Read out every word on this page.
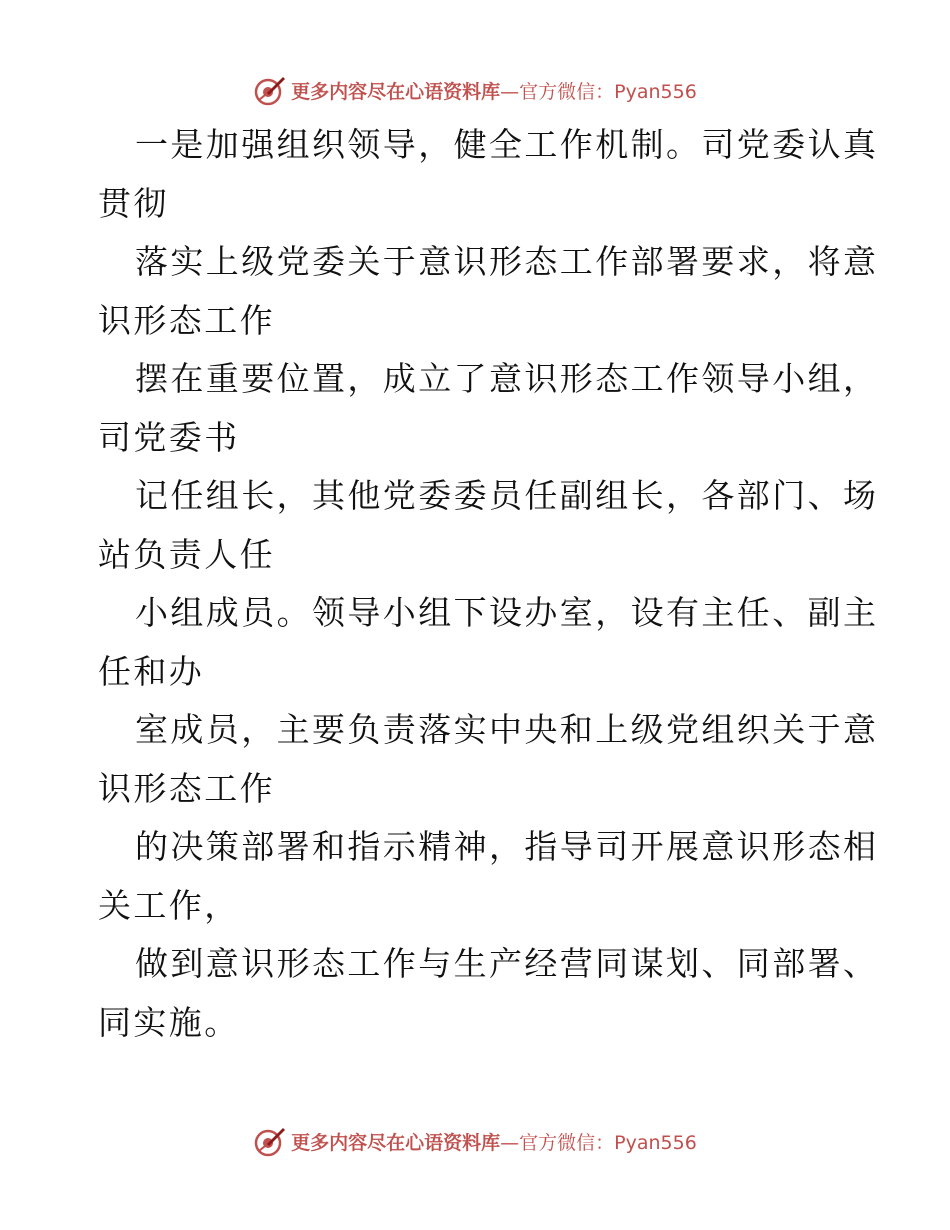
更多内容尽在心语资料库—官方微信：Pyan556
一是加强组织领导，健全工作机制。司党委认真
贯彻
落实上级党委关于意识形态工作部署要求，将意
识形态工作
摆在重要位置，成立了意识形态工作领导小组，
司党委书
记任组长，其他党委委员任副组长，各部门、场
站负责人任
小组成员。领导小组下设办室，设有主任、副主
任和办
室成员，主要负责落实中央和上级党组织关于意
识形态工作
的决策部署和指示精神，指导司开展意识形态相
关工作，
做到意识形态工作与生产经营同谋划、同部署、
同实施。
更多内容尽在心语资料库—官方微信：Pyan556
